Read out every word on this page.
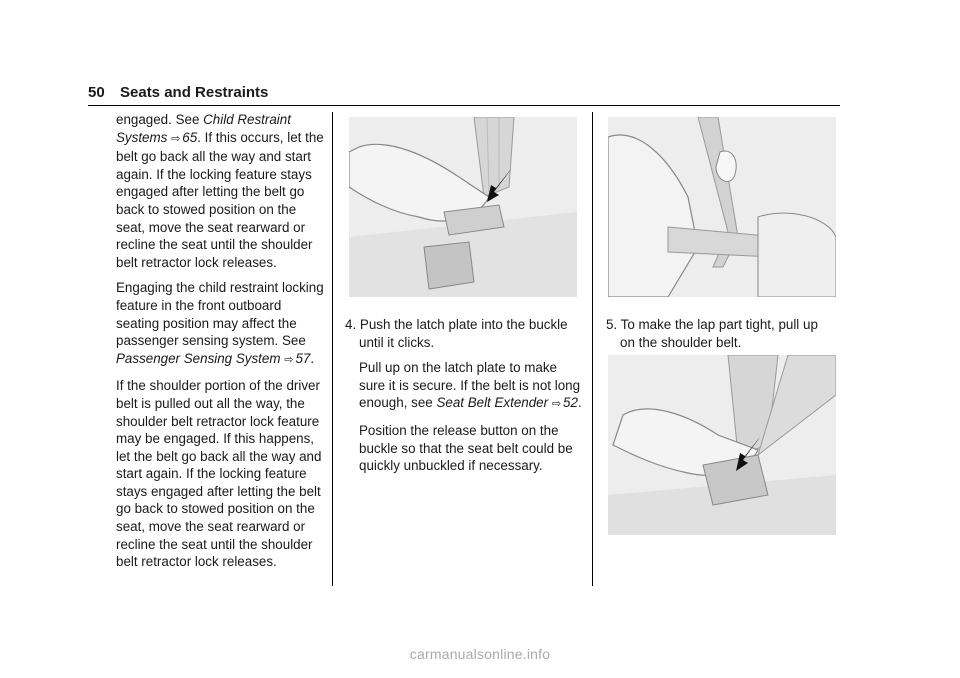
50 Seats and Restraints

engaged. See Child Restraint Systems ⇨ 65. If this occurs, let the belt go back all the way and start again. If the locking feature stays engaged after letting the belt go back to stowed position on the seat, move the seat rearward or recline the seat until the shoulder belt retractor lock releases.

Engaging the child restraint locking feature in the front outboard seating position may affect the passenger sensing system. See Passenger Sensing System ⇨ 57.

If the shoulder portion of the driver belt is pulled out all the way, the shoulder belt retractor lock feature may be engaged. If this happens, let the belt go back all the way and start again. If the locking feature stays engaged after letting the belt go back to stowed position on the seat, move the seat rearward or recline the seat until the shoulder belt retractor lock releases.

4. Push the latch plate into the buckle until it clicks.

Pull up on the latch plate to make sure it is secure. If the belt is not long enough, see Seat Belt Extender ⇨ 52.

Position the release button on the buckle so that the seat belt could be quickly unbuckled if necessary.

5. To make the lap part tight, pull up on the shoulder belt.

carmanualsonline.info
